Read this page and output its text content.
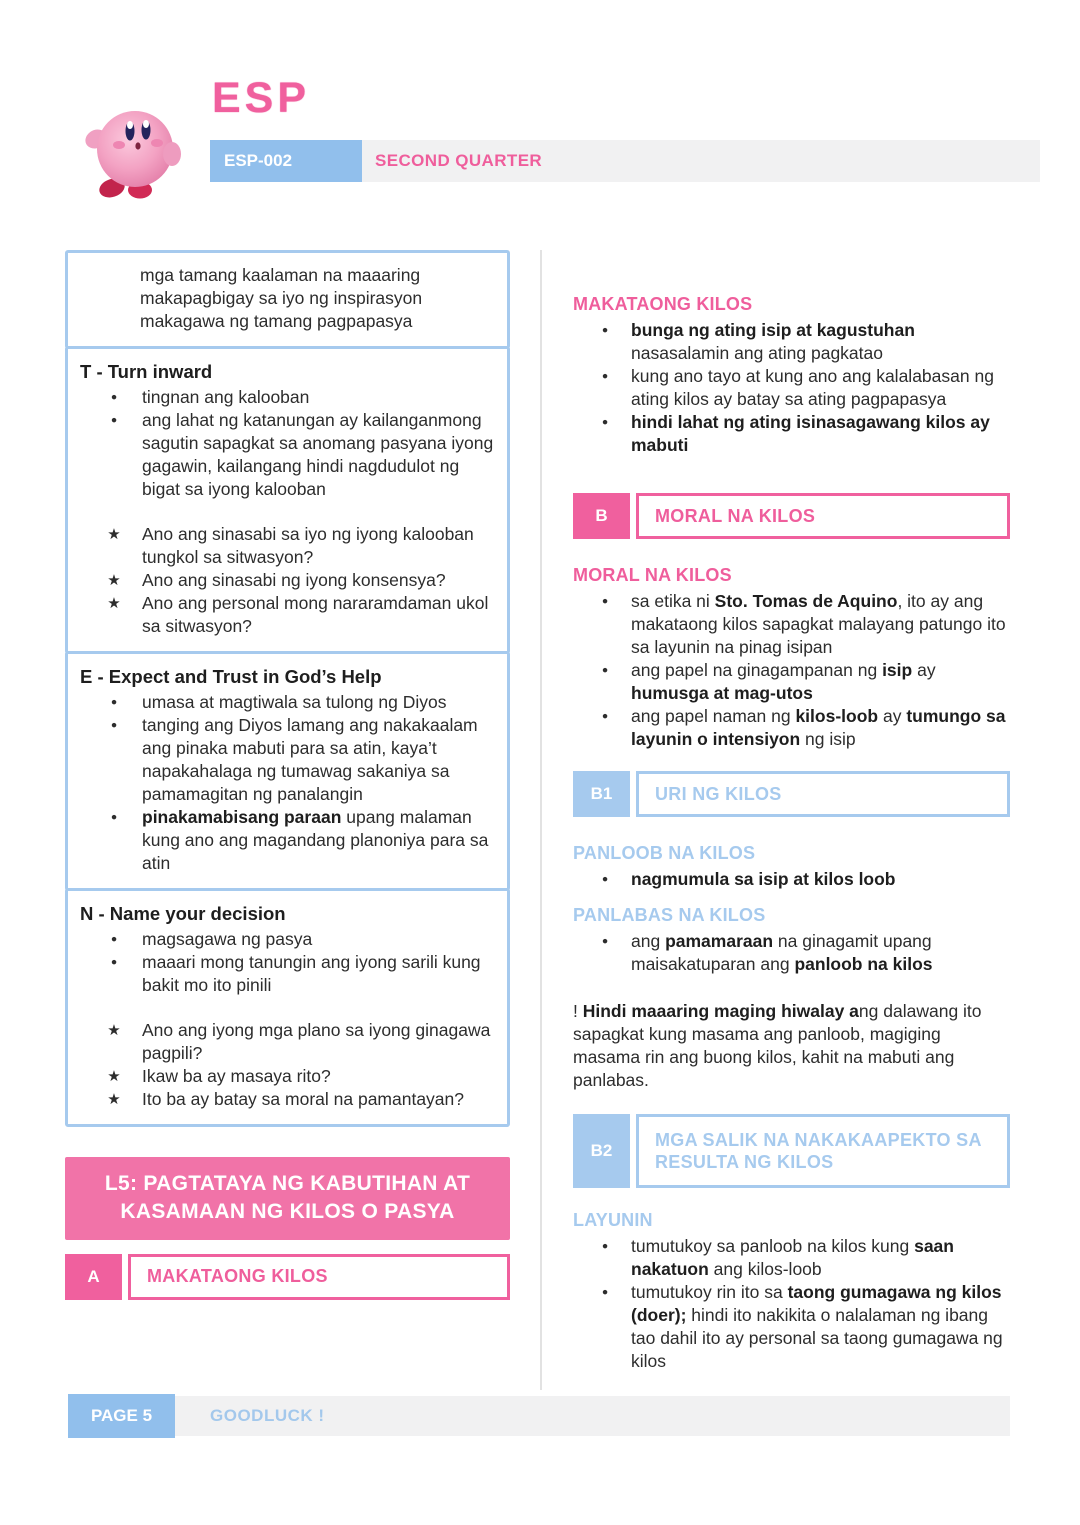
ESP
ESP-002	SECOND QUARTER
mga tamang kaalaman na maaaring makapagbigay sa iyo ng inspirasyon makagawa ng tamang pagpapasya
T - Turn inward
●	tingnan ang kalooban
●	ang lahat ng katanungan ay kailanganmong sagutin sapagkat sa anomang pasyana iyong gagawin, kailangang hindi nagdudulot ng bigat sa iyong kalooban
★	Ano ang sinasabi sa iyo ng iyong kalooban tungkol sa sitwasyon?
★	Ano ang sinasabi ng iyong konsensya?
★	Ano ang personal mong nararamdaman ukol sa sitwasyon?
E - Expect and Trust in God’s Help
●	umasa at magtiwala sa tulong ng Diyos
●	tanging ang Diyos lamang ang nakakaalam ang pinaka mabuti para sa atin, kaya’t napakahalaga ng tumawag sakaniya sa pamamagitan ng panalangin
●	pinakamabisang paraan upang malaman kung ano ang magandang planoniya para sa atin
N - Name your decision
●	magsagawa ng pasya
●	maaari mong tanungin ang iyong sarili kung bakit mo ito pinili
★	Ano ang iyong mga plano sa iyong ginagawa pagpili?
★	Ikaw ba ay masaya rito?
★	Ito ba ay batay sa moral na pamantayan?
L5: PAGTATAYA NG KABUTIHAN AT KASAMAAN NG KILOS O PASYA
A	MAKATAONG KILOS
MAKATAONG KILOS
●	bunga ng ating isip at kagustuhan nasasalamin ang ating pagkatao
●	kung ano tayo at kung ano ang kalalabasan ng ating kilos ay batay sa ating pagpapasya
●	hindi lahat ng ating isinasagawang kilos ay mabuti
B	MORAL NA KILOS
MORAL NA KILOS
●	sa etika ni Sto. Tomas de Aquino, ito ay ang makataong kilos sapagkat malayang patungo ito sa layunin na pinag isipan
●	ang papel na ginagampanan ng isip ay humusga at mag-utos
●	ang papel naman ng kilos-loob ay tumungo sa layunin o intensiyon ng isip
B1	URI NG KILOS
PANLOOB NA KILOS
●	nagmumula sa isip at kilos loob
PANLABAS NA KILOS
●	ang pamamaraan na ginagamit upang maisakatuparan ang panloob na kilos
! Hindi maaaring maging hiwalay ang dalawang ito sapagkat kung masama ang panloob, magiging masama rin ang buong kilos, kahit na mabuti ang panlabas.
B2
MGA SALIK NA NAKAKAAPEKTO SA RESULTA NG KILOS
LAYUNIN
●	tumutukoy sa panloob na kilos kung saan nakatuon ang kilos-loob
●	tumutukoy rin ito sa taong gumagawa ng kilos (doer); hindi ito nakikita o nalalaman ng ibang tao dahil ito ay personal sa taong gumagawa ng kilos
PAGE 5	GOODLUCK !
